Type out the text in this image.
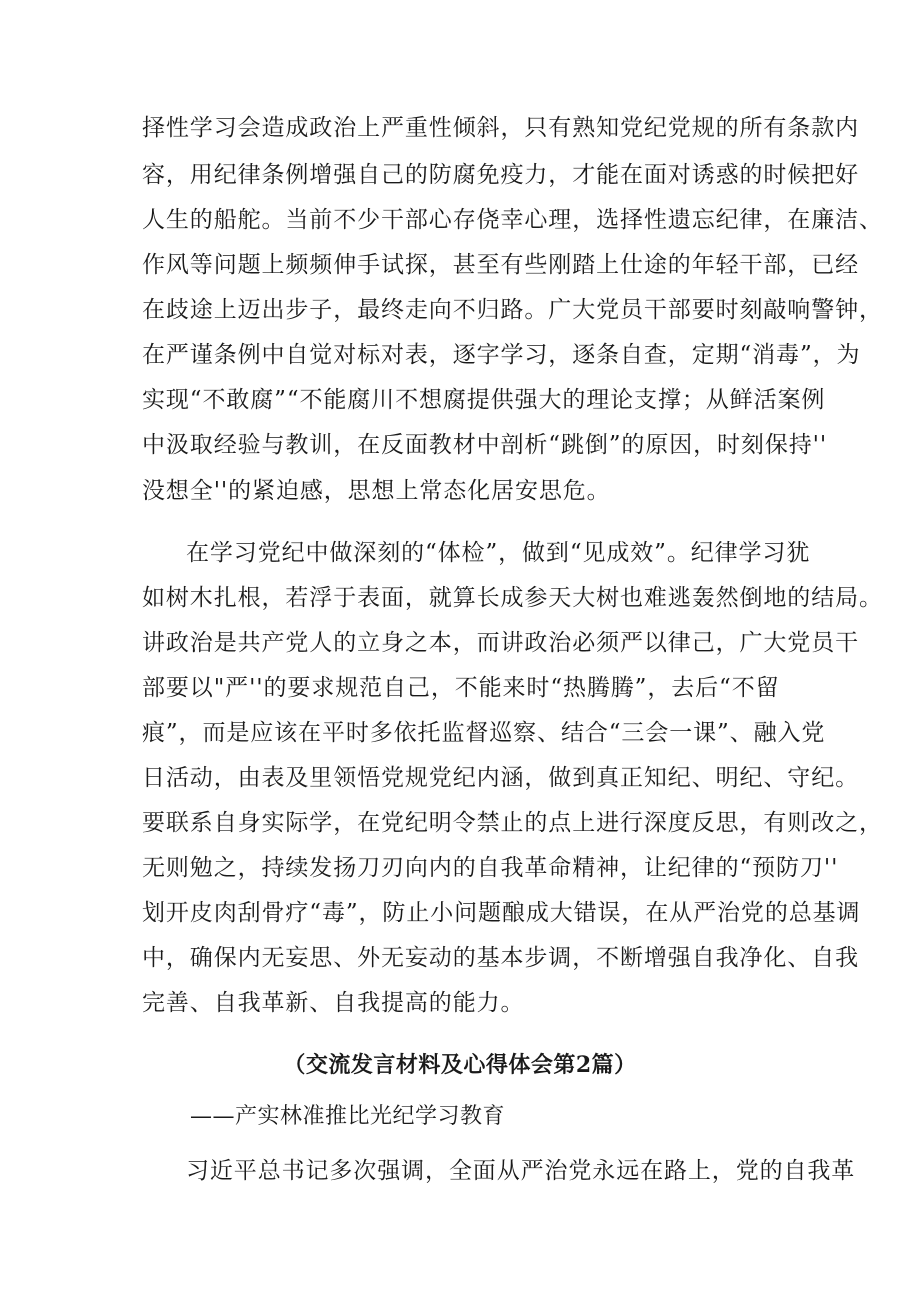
择性学习会造成政治上严重性倾斜，只有熟知党纪党规的所有条款内
容，用纪律条例增强自己的防腐免疫力，才能在面对诱惑的时候把好
人生的船舵。当前不少干部心存侥幸心理，选择性遗忘纪律，在廉洁、
作风等问题上频频伸手试探，甚至有些刚踏上仕途的年轻干部，已经
在歧途上迈出步子，最终走向不归路。广大党员干部要时刻敲响警钟，
在严谨条例中自觉对标对表，逐字学习，逐条自查，定期“消毒”，为
实现“不敢腐”“不能腐川不想腐提供强大的理论支撑；从鲜活案例
中汲取经验与教训，在反面教材中剖析“跳倒”的原因，时刻保持''
没想全''的紧迫感，思想上常态化居安思危。
在学习党纪中做深刻的“体检”，做到“见成效”。纪律学习犹
如树木扎根，若浮于表面，就算长成参天大树也难逃轰然倒地的结局。
讲政治是共产党人的立身之本，而讲政治必须严以律己，广大党员干
部要以"严''的要求规范自己，不能来时“热腾腾”，去后“不留
痕”，而是应该在平时多依托监督巡察、结合“三会一课”、融入党
日活动，由表及里领悟党规党纪内涵，做到真正知纪、明纪、守纪。
要联系自身实际学，在党纪明令禁止的点上进行深度反思，有则改之，
无则勉之，持续发扬刀刃向内的自我革命精神，让纪律的“预防刀''
划开皮肉刮骨疗“毒”，防止小问题酿成大错误，在从严治党的总基调
中，确保内无妄思、外无妄动的基本步调，不断增强自我净化、自我
完善、自我革新、自我提高的能力。
（交流发言材料及心得体会第2篇）
——产实林准推比光纪学习教育
习近平总书记多次强调，全面从严治党永远在路上，党的自我革
